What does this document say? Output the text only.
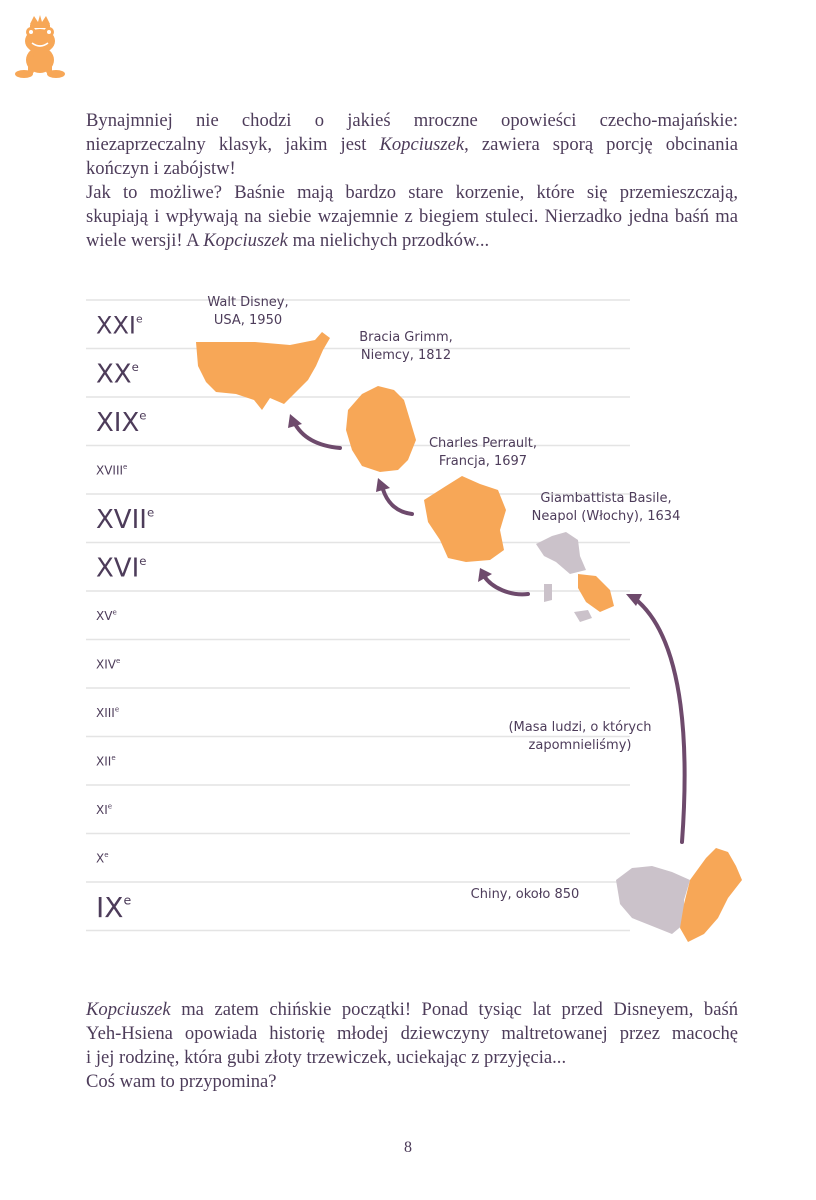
Bynajmniej nie chodzi o jakieś mroczne opowieści czecho-majańskie:
niezaprzeczalny klasyk, jakim jest Kopciuszek, zawiera sporą porcję obcinania
kończyn i zabójstw!
Jak to możliwe? Baśnie mają bardzo stare korzenie, które się przemieszczają,
skupiają i wpływają na siebie wzajemnie z biegiem stuleci. Nierzadko jedna baśń ma
wiele wersji! A Kopciuszek ma nielichych przodków...
XXIe
XXe
XIXe
XVIIIe
XVIIe
XVIe
XVe
XIVe
XIIIe
XIIe
XIe
Xe
IXe
Walt Disney,
USA, 1950
Bracia Grimm,
Niemcy, 1812
Charles Perrault,
Francja, 1697
Giambattista Basile,
Neapol (Włochy), 1634
(Masa ludzi, o których
zapomnieliśmy)
Chiny, około 850
Kopciuszek ma zatem chińskie początki! Ponad tysiąc lat przed Disneyem, baśń
Yeh-Hsiena opowiada historię młodej dziewczyny maltretowanej przez macochę
i jej rodzinę, która gubi złoty trzewiczek, uciekając z przyjęcia...
Coś wam to przypomina?
8
